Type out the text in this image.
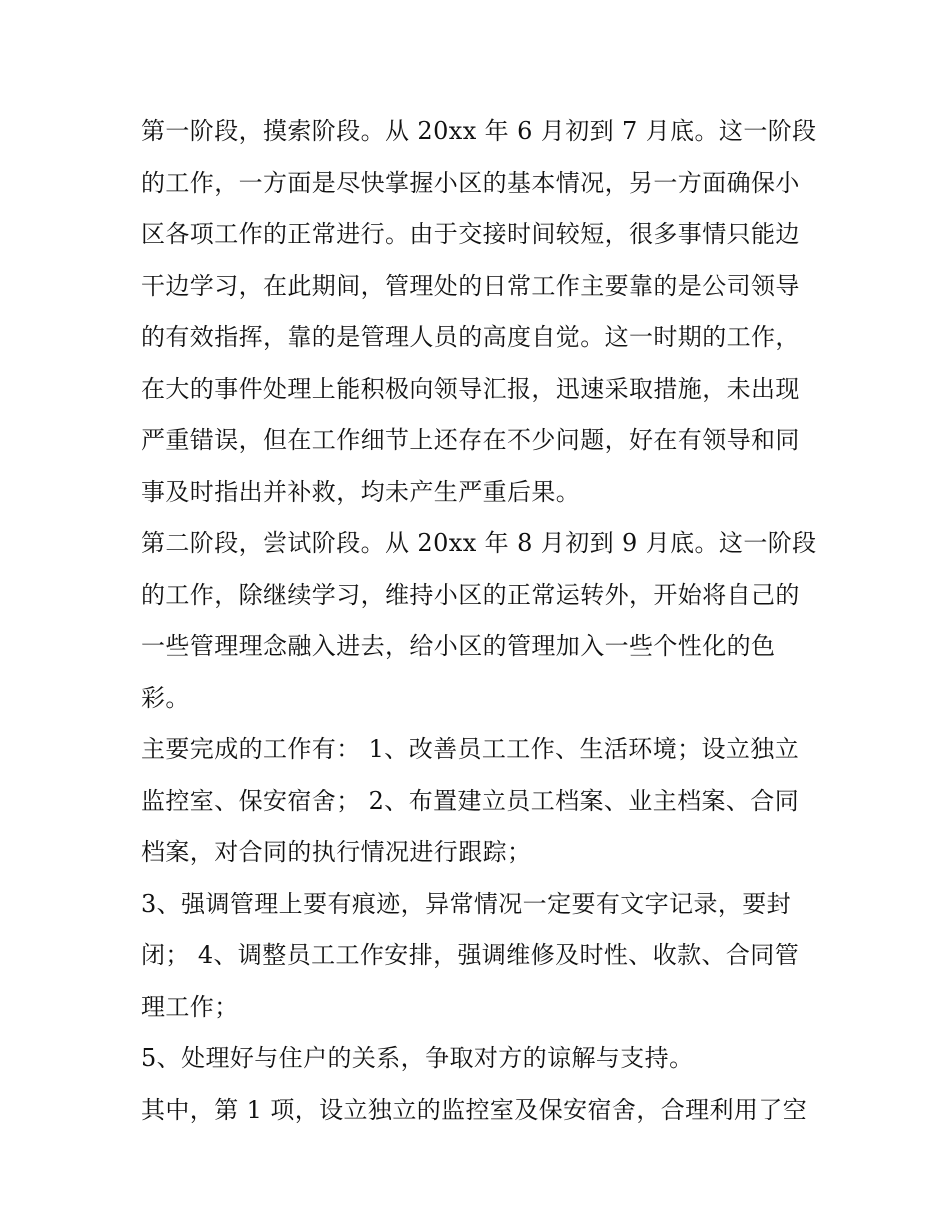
第一阶段，摸索阶段。从 20xx 年 6 月初到 7 月底。这一阶段
的工作，一方面是尽快掌握小区的基本情况，另一方面确保小
区各项工作的正常进行。由于交接时间较短，很多事情只能边
干边学习，在此期间，管理处的日常工作主要靠的是公司领导
的有效指挥，靠的是管理人员的高度自觉。这一时期的工作，
在大的事件处理上能积极向领导汇报，迅速采取措施，未出现
严重错误，但在工作细节上还存在不少问题，好在有领导和同
事及时指出并补救，均未产生严重后果。
第二阶段，尝试阶段。从 20xx 年 8 月初到 9 月底。这一阶段
的工作，除继续学习，维持小区的正常运转外，开始将自己的
一些管理理念融入进去，给小区的管理加入一些个性化的色
彩。
主要完成的工作有： 1、改善员工工作、生活环境；设立独立
监控室、保安宿舍； 2、布置建立员工档案、业主档案、合同
档案，对合同的执行情况进行跟踪；
3、强调管理上要有痕迹，异常情况一定要有文字记录，要封
闭； 4、调整员工工作安排，强调维修及时性、收款、合同管
理工作；
5、处理好与住户的关系，争取对方的谅解与支持。
其中，第 1 项，设立独立的监控室及保安宿舍，合理利用了空
